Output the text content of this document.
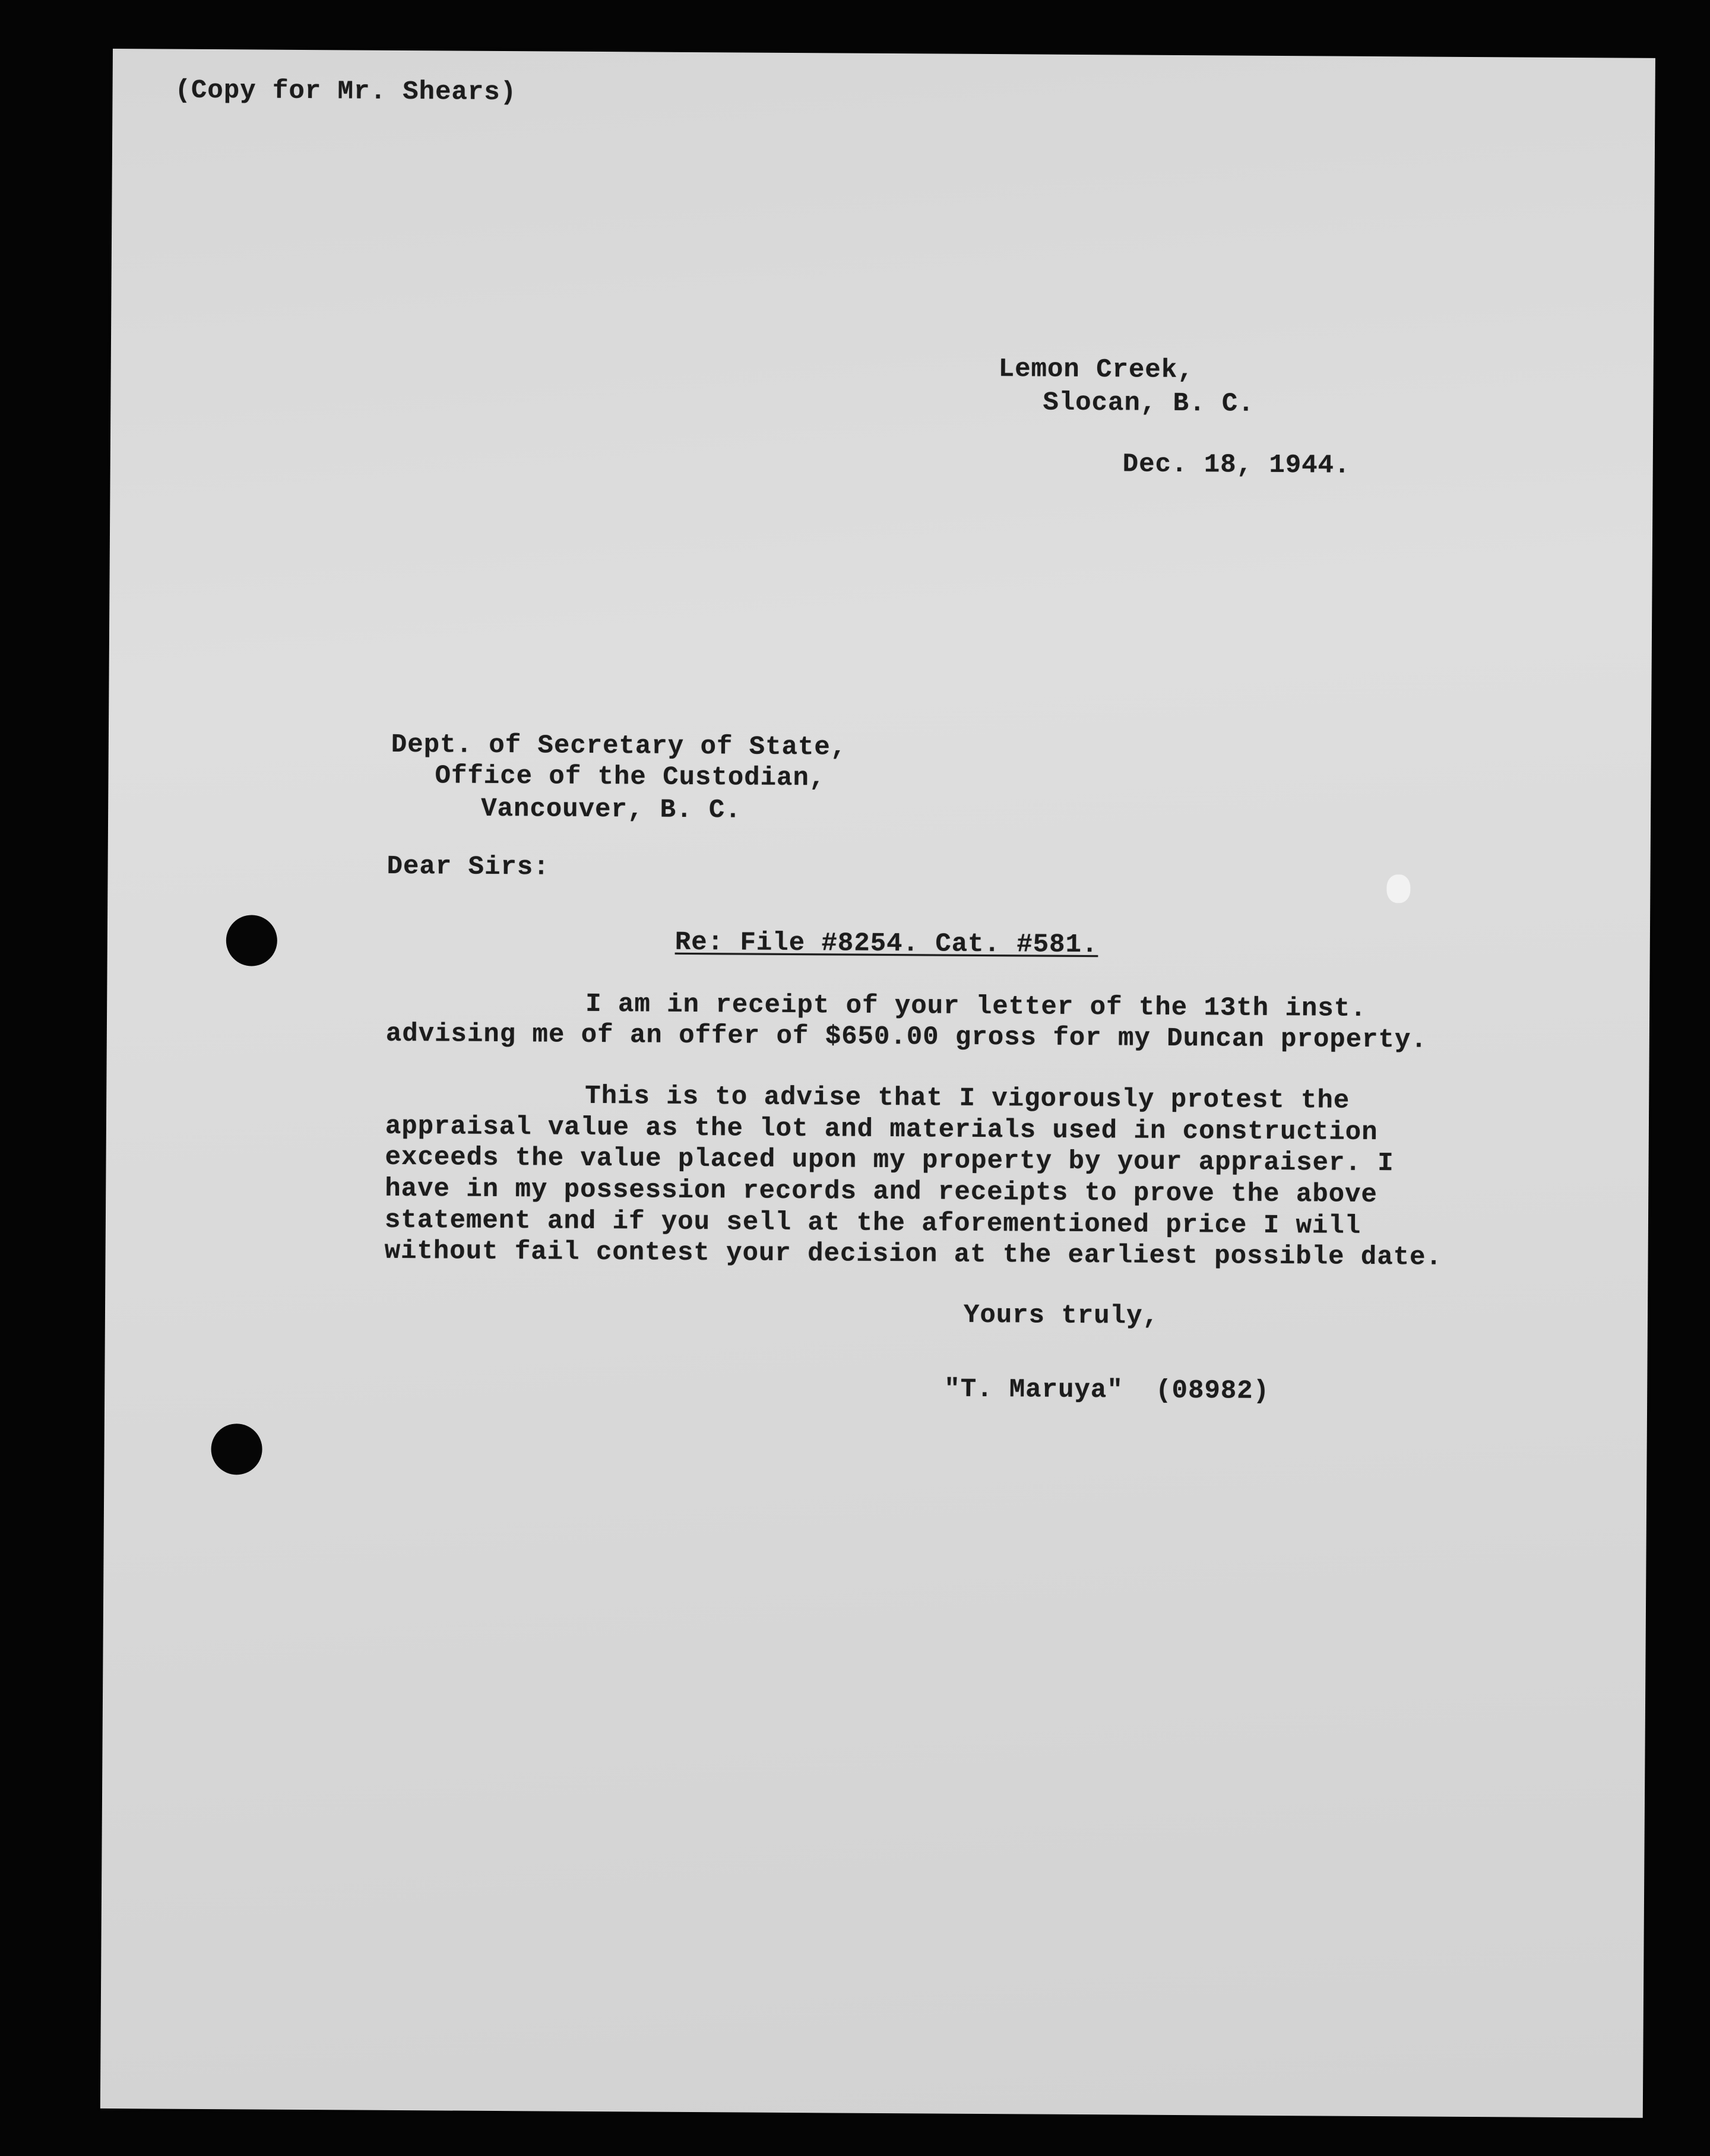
(Copy for Mr. Shears)

Lemon Creek,

Slocan, B. C.

Dec. 18, 1944.

Dept. of Secretary of State,

Office of the Custodian,

Vancouver, B. C.

Dear Sirs:

Re: File #8254. Cat. #581.

I am in receipt of your letter of the 13th inst.

advising me of an offer of $650.00 gross for my Duncan property.

This is to advise that I vigorously protest the

appraisal value as the lot and materials used in construction

exceeds the value placed upon my property by your appraiser. I

have in my possession records and receipts to prove the above

statement and if you sell at the aforementioned price I will

without fail contest your decision at the earliest possible date.

Yours truly,

"T. Maruya" (08982)
